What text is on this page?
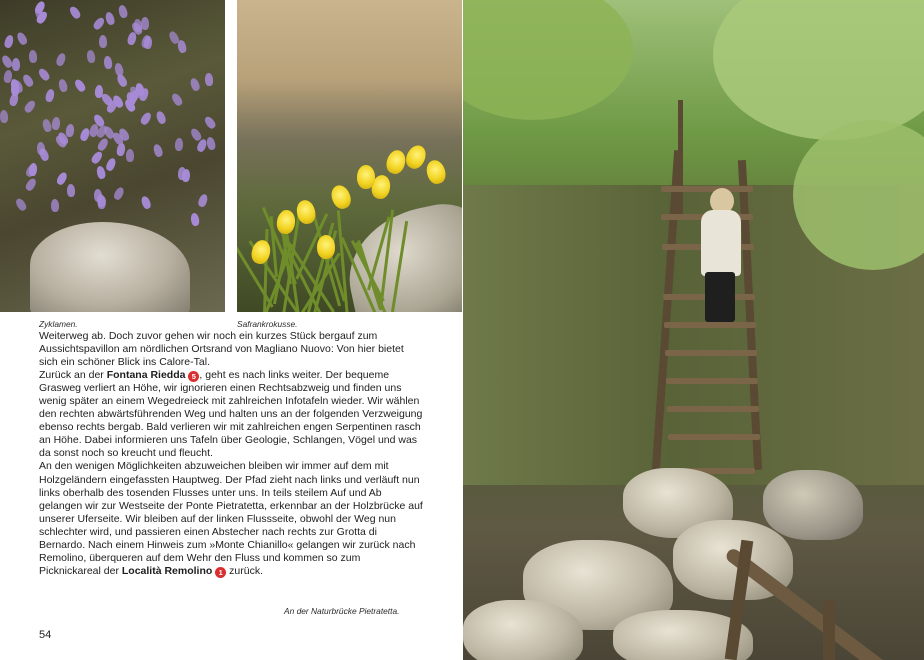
Zyklamen.	Safrankrokusse.
An der Naturbrücke Pietratetta.
Weiterweg ab. Doch zuvor gehen wir noch ein kurzes Stück bergauf zum Aussichtspavillon am nördlichen Ortsrand von Magliano Nuovo: Von hier bietet sich ein schöner Blick ins Calore-Tal.
Zurück an der Fontana Riedda 5 , geht es nach links weiter. Der bequeme Grasweg verliert an Höhe, wir ignorieren einen Rechtsabzweig und finden uns wenig später an einem Wegedreieck mit zahlreichen Infotafeln wieder. Wir wählen den rechten abwärtsführenden Weg und halten uns an der folgenden Verzweigung ebenso rechts bergab. Bald verlieren wir mit zahlreichen engen Serpentinen rasch an Höhe. Dabei informieren uns Tafeln über Geologie, Schlangen, Vögel und was da sonst noch so kreucht und fleucht.
An den wenigen Möglichkeiten abzuweichen bleiben wir immer auf dem mit Holzgeländern eingefassten Hauptweg. Der Pfad zieht nach links und verläuft nun links oberhalb des tosenden Flusses unter uns. In teils steilem Auf und Ab gelangen wir zur Westseite der Ponte Pietratetta, erkennbar an der Holzbrücke auf unserer Uferseite. Wir bleiben auf der linken Flussseite, obwohl der Weg nun schlechter wird, und passieren einen Abstecher nach rechts zur Grotta di Bernardo. Nach einem Hinweis zum »Monte Chianillo« gelangen wir zurück nach Remolino, überqueren auf dem Wehr den Fluss und kommen so zum Picknickareal der Località Remolino 1 zurück.
54
